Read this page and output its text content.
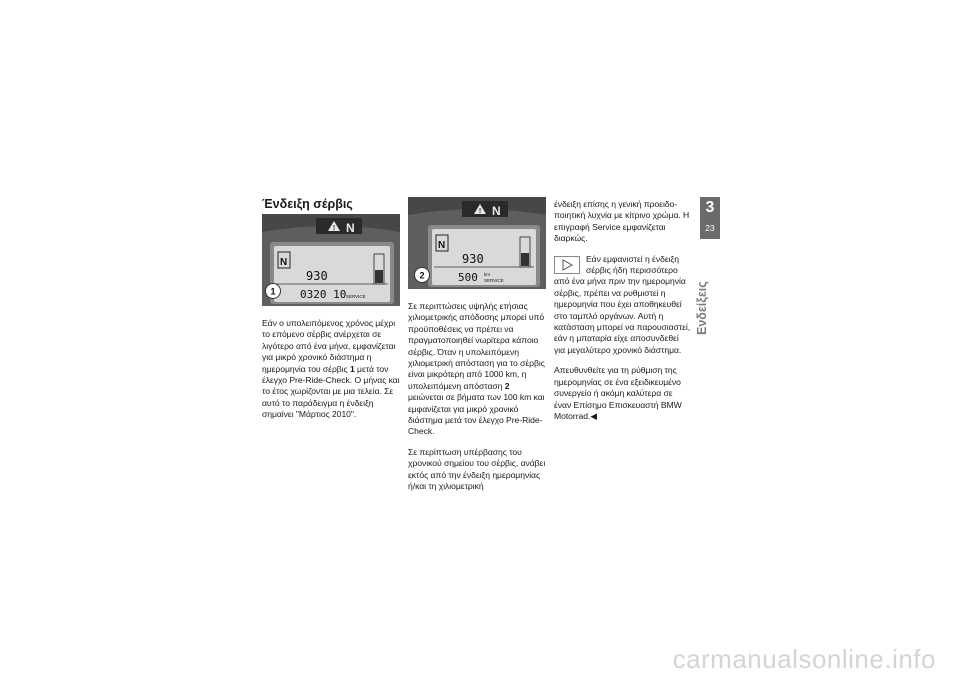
Ένδειξη σέρβις
! N
N
930
0320 10 SERVICE
1
! N
N
930
500 km
SERVICE
2

Εάν ο υπολειπόμενος χρόνος μέχρι το επόμενο σέρβις ανέρχεται σε λιγότερο από ένα μήνα, εμφανίζεται για μικρό χρονικό διάστημα η ημερομηνία του σέρβις 1 μετά τον έλεγχο Pre-Ride-Check. Ο μήνας και το έτος χωρίζονται με μια τελεία. Σε αυτό το παράδειγμα η ένδειξη σημαίνει "Μάρτιος 2010".

Σε περιπτώσεις υψηλής ετήσιας χιλιομετρικής απόδοσης μπορεί υπό προϋποθέσεις να πρέπει να πραγματοποιηθεί νωρίτερα κάποιο σέρβις. Όταν η υπολειπόμενη χιλιομετρική απόσταση για το σέρβις είναι μικρότερη από 1000 km, η υπολειπόμενη απόσταση 2 μειώνεται σε βήματα των 100 km και εμφανίζεται για μικρό χρονικό διάστημα μετά τον έλεγχο Pre-Ride-Check.

Σε περίπτωση υπέρβασης του χρονικού σημείου του σέρβις, ανάβει εκτός από την ένδειξη ημερομηνίας ή/και τη χιλιομετρική

ένδειξη επίσης η γενική προειδοποιητική λυχνία με κίτρινο χρώμα. Η επιγραφή Service εμφανίζεται διαρκώς.

Εάν εμφανιστεί η ένδειξη σέρβις ήδη περισσότερο από ένα μήνα πριν την ημερομηνία σέρβις, πρέπει να ρυθμιστεί η ημερομηνία που έχει αποθηκευθεί στο ταμπλό οργάνων. Αυτή η κατάσταση μπορεί να παρουσιαστεί, εάν η μπαταρία είχε αποσυνδεθεί για μεγαλύτερο χρονικό διάστημα.

Απευθυνθείτε για τη ρύθμιση της ημερομηνίας σε ένα εξειδικευμένο συνεργείο ή ακόμη καλύτερα σε έναν Επίσημο Επισκευαστή BMW Motorrad.◀

3
23
Ενδείξεις
carmanualsonline.info
